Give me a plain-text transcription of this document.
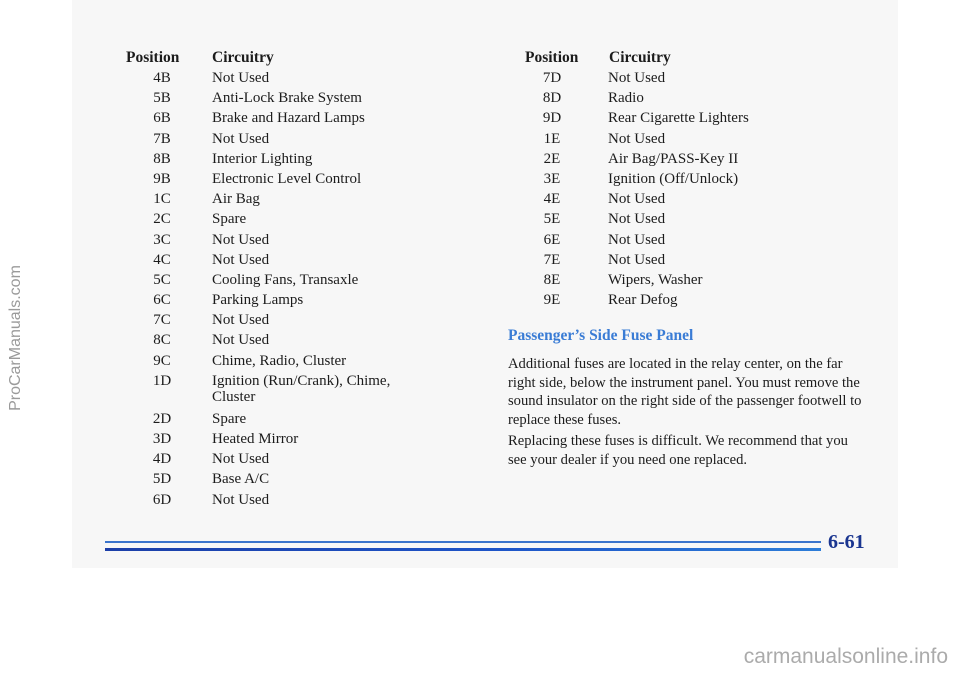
ProCarManuals.com
Position Circuitry
4B	Not Used
5B	Anti-Lock Brake System
6B	Brake and Hazard Lamps
7B	Not Used
8B	Interior Lighting
9B	Electronic Level Control
1C	Air Bag
2C	Spare
3C	Not Used
4C	Not Used
5C	Cooling Fans, Transaxle
6C	Parking Lamps
7C	Not Used
8C	Not Used
9C	Chime, Radio, Cluster
1D	Ignition (Run/Crank), Chime, Cluster
2D	Spare
3D	Heated Mirror
4D	Not Used
5D	Base A/C
6D	Not Used
Position Circuitry
7D	Not Used
8D	Radio
9D	Rear Cigarette Lighters
1E	Not Used
2E	Air Bag/PASS-Key II
3E	Ignition (Off/Unlock)
4E	Not Used
5E	Not Used
6E	Not Used
7E	Not Used
8E	Wipers, Washer
9E	Rear Defog
Passenger’s Side Fuse Panel

Additional fuses are located in the relay center, on the far right side, below the instrument panel. You must remove the sound insulator on the right side of the passenger footwell to replace these fuses.

Replacing these fuses is difficult. We recommend that you see your dealer if you need one replaced.

6-61
carmanualsonline.info
